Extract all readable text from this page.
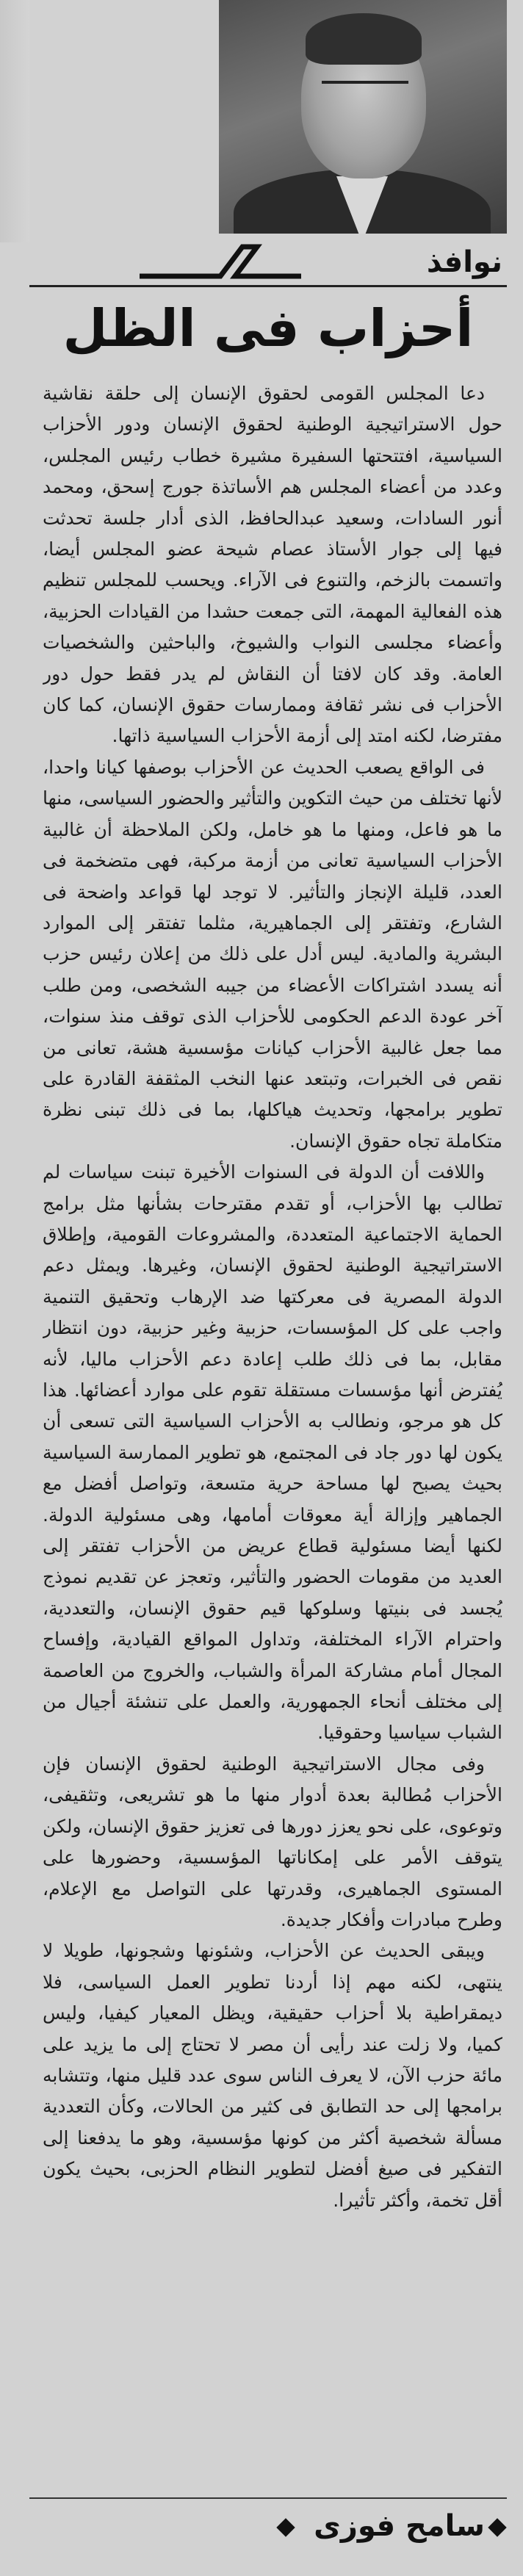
نوافذ
أحزاب فى الظل

دعا المجلس القومى لحقوق الإنسان إلى حلقة نقاشية حول الاستراتيجية الوطنية لحقوق الإنسان ودور الأحزاب السياسية، افتتحتها السفيرة مشيرة خطاب رئيس المجلس، وعدد من أعضاء المجلس هم الأساتذة جورج إسحق، ومحمد أنور السادات، وسعيد عبدالحافظ، الذى أدار جلسة تحدثت فيها إلى جوار الأستاذ عصام شيحة عضو المجلس أيضا، واتسمت بالزخم، والتنوع فى الآراء. ويحسب للمجلس تنظيم هذه الفعالية المهمة، التى جمعت حشدا من القيادات الحزبية، وأعضاء مجلسى النواب والشيوخ، والباحثين والشخصيات العامة. وقد كان لافتا أن النقاش لم يدر فقط حول دور الأحزاب فى نشر ثقافة وممارسات حقوق الإنسان، كما كان مفترضا، لكنه امتد إلى أزمة الأحزاب السياسية ذاتها.

فى الواقع يصعب الحديث عن الأحزاب بوصفها كيانا واحدا، لأنها تختلف من حيث التكوين والتأثير والحضور السياسى، منها ما هو فاعل، ومنها ما هو خامل، ولكن الملاحظة أن غالبية الأحزاب السياسية تعانى من أزمة مركبة، فهى متضخمة فى العدد، قليلة الإنجاز والتأثير. لا توجد لها قواعد واضحة فى الشارع، وتفتقر إلى الجماهيرية، مثلما تفتقر إلى الموارد البشرية والمادية. ليس أدل على ذلك من إعلان رئيس حزب أنه يسدد اشتراكات الأعضاء من جيبه الشخصى، ومن طلب آخر عودة الدعم الحكومى للأحزاب الذى توقف منذ سنوات، مما جعل غالبية الأحزاب كيانات مؤسسية هشة، تعانى من نقص فى الخبرات، وتبتعد عنها النخب المثقفة القادرة على تطوير برامجها، وتحديث هياكلها، بما فى ذلك تبنى نظرة متكاملة تجاه حقوق الإنسان.

واللافت أن الدولة فى السنوات الأخيرة تبنت سياسات لم تطالب بها الأحزاب، أو تقدم مقترحات بشأنها مثل برامج الحماية الاجتماعية المتعددة، والمشروعات القومية، وإطلاق الاستراتيجية الوطنية لحقوق الإنسان، وغيرها. ويمثل دعم الدولة المصرية فى معركتها ضد الإرهاب وتحقيق التنمية واجب على كل المؤسسات، حزبية وغير حزبية، دون انتظار مقابل، بما فى ذلك طلب إعادة دعم الأحزاب ماليا، لأنه يُفترض أنها مؤسسات مستقلة تقوم على موارد أعضائها. هذا كل هو مرجو، ونطالب به الأحزاب السياسية التى تسعى أن يكون لها دور جاد فى المجتمع، هو تطوير الممارسة السياسية بحيث يصبح لها مساحة حرية متسعة، وتواصل أفضل مع الجماهير وإزالة أية معوقات أمامها، وهى مسئولية الدولة. لكنها أيضا مسئولية قطاع عريض من الأحزاب تفتقر إلى العديد من مقومات الحضور والتأثير، وتعجز عن تقديم نموذج يُجسد فى بنيتها وسلوكها قيم حقوق الإنسان، والتعددية، واحترام الآراء المختلفة، وتداول المواقع القيادية، وإفساح المجال أمام مشاركة المرأة والشباب، والخروج من العاصمة إلى مختلف أنحاء الجمهورية، والعمل على تنشئة أجيال من الشباب سياسيا وحقوقيا.

وفى مجال الاستراتيجية الوطنية لحقوق الإنسان فإن الأحزاب مُطالبة بعدة أدوار منها ما هو تشريعى، وتثقيفى، وتوعوى، على نحو يعزز دورها فى تعزيز حقوق الإنسان، ولكن يتوقف الأمر على إمكاناتها المؤسسية، وحضورها على المستوى الجماهيرى، وقدرتها على التواصل مع الإعلام، وطرح مبادرات وأفكار جديدة.

ويبقى الحديث عن الأحزاب، وشئونها وشجونها، طويلا لا ينتهى، لكنه مهم إذا أردنا تطوير العمل السياسى، فلا ديمقراطية بلا أحزاب حقيقية، ويظل المعيار كيفيا، وليس كميا، ولا زلت عند رأيى أن مصر لا تحتاج إلى ما يزيد على مائة حزب الآن، لا يعرف الناس سوى عدد قليل منها، وتتشابه برامجها إلى حد التطابق فى كثير من الحالات، وكأن التعددية مسألة شخصية أكثر من كونها مؤسسية، وهو ما يدفعنا إلى التفكير فى صيغ أفضل لتطوير النظام الحزبى، بحيث يكون أقل تخمة، وأكثر تأثيرا.

سامح فوزى
